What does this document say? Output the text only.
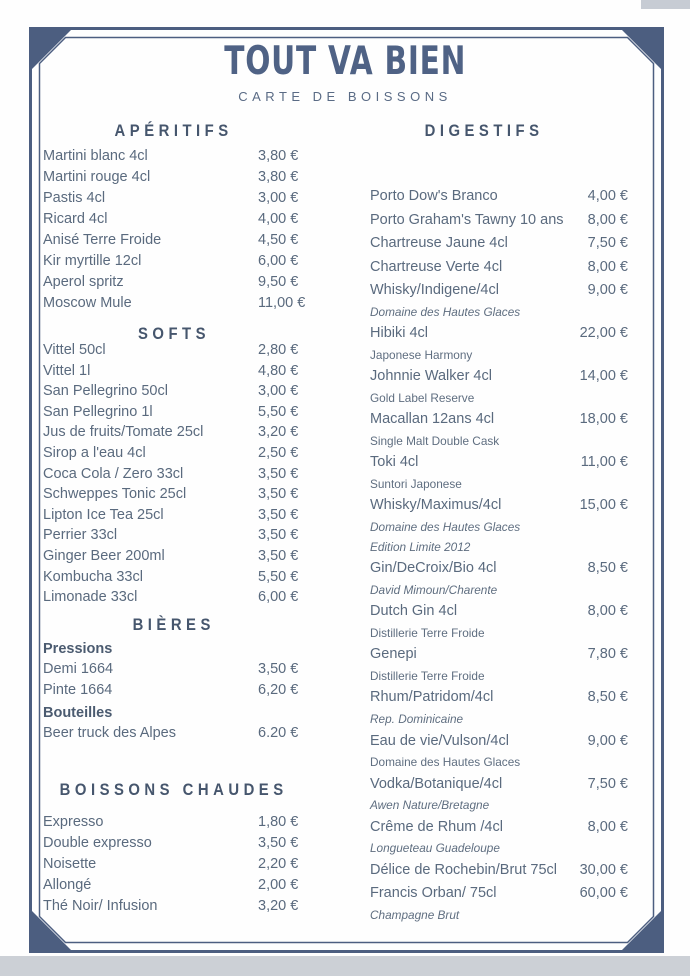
TOUT VA BIEN
CARTE DE BOISSONS
APÉRITIFS
Martini blanc 4cl	3,80 €
Martini rouge 4cl	3,80 €
Pastis 4cl	3,00 €
Ricard 4cl	4,00 €
Anisé Terre Froide	4,50 €
Kir myrtille 12cl	6,00 €
Aperol spritz	9,50 €
Moscow Mule	11,00 €
SOFTS
Vittel 50cl	2,80 €
Vittel 1l	4,80 €
San Pellegrino 50cl	3,00 €
San Pellegrino 1l	5,50 €
Jus de fruits/Tomate 25cl	3,20 €
Sirop a l'eau 4cl	2,50 €
Coca Cola / Zero 33cl	3,50 €
Schweppes Tonic 25cl	3,50 €
Lipton Ice Tea 25cl	3,50 €
Perrier 33cl	3,50 €
Ginger Beer 200ml	3,50 €
Kombucha 33cl	5,50 €
Limonade 33cl	6,00 €
BIÈRES
Pressions
Demi 1664	3,50 €
Pinte 1664	6,20 €
Bouteilles
Beer truck des Alpes	6.20 €
BOISSONS CHAUDES
Expresso	1,80 €
Double expresso	3,50 €
Noisette	2,20 €
Allongé	2,00 €
Thé Noir/ Infusion	3,20 €
DIGESTIFS
Porto Dow's Branco	4,00 €
Porto Graham's Tawny 10 ans 8,00 €
Chartreuse Jaune 4cl	7,50 €
Chartreuse Verte 4cl	8,00 €
Whisky/Indigene/4cl	9,00 €
Domaine des Hautes Glaces
Hibiki 4cl	22,00 €
Japonese Harmony
Johnnie Walker 4cl	14,00 €
Gold Label Reserve
Macallan 12ans 4cl	18,00 €
Single Malt Double Cask
Toki 4cl	11,00 €
Suntori Japonese
Whisky/Maximus/4cl	15,00 €
Domaine des Hautes Glaces
Edition Limite 2012
Gin/DeCroix/Bio 4cl	8,50 €
David Mimoun/Charente
Dutch Gin 4cl	8,00 €
Distillerie Terre Froide
Genepi	7,80 €
Distillerie Terre Froide
Rhum/Patridom/4cl	8,50 €
Rep. Dominicaine
Eau de vie/Vulson/4cl	9,00 €
Domaine des Hautes Glaces
Vodka/Botanique/4cl	7,50 €
Awen Nature/Bretagne
Crême de Rhum /4cl	8,00 €
Longueteau Guadeloupe
Délice de Rochebin/Brut 75cl 30,00 €
Francis Orban/ 75cl	60,00 €
Champagne Brut
